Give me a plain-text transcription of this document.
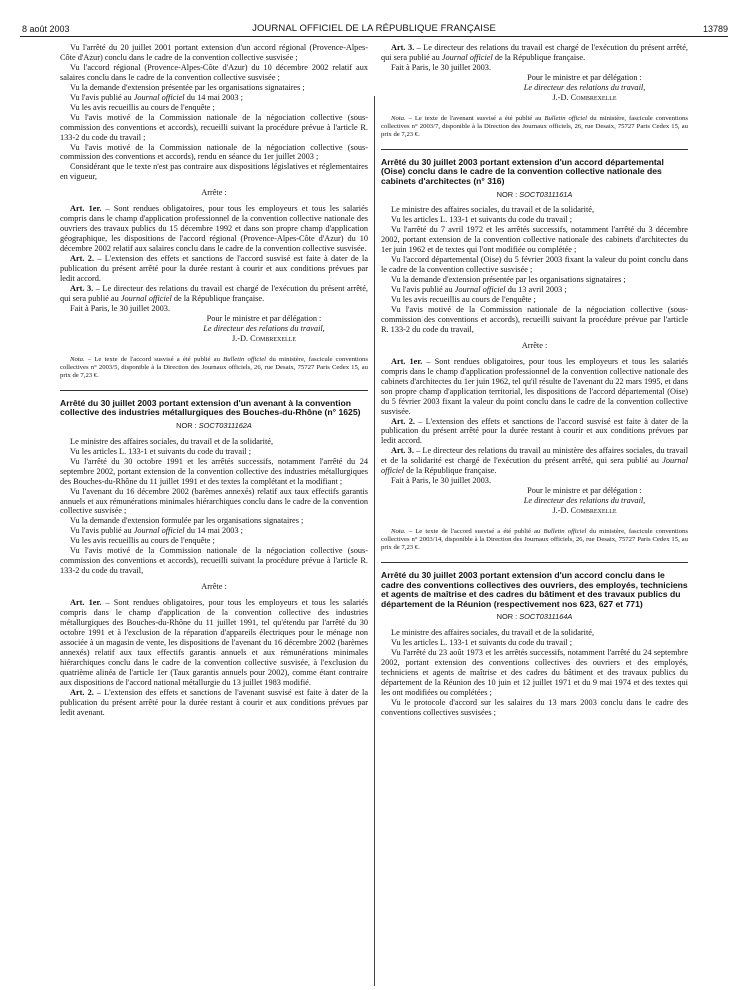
8 août 2003	JOURNAL OFFICIEL DE LA RÉPUBLIQUE FRANÇAISE	13789

Vu l'arrêté du 20 juillet 2001 portant extension d'un accord régional (Provence-Alpes-Côte d'Azur) conclu dans le cadre de la convention collective susvisée ;

Vu l'accord régional (Provence-Alpes-Côte d'Azur) du 10 décembre 2002 relatif aux salaires conclu dans le cadre de la convention collective susvisée ;

Vu la demande d'extension présentée par les organisations signataires ;

Vu l'avis publié au Journal officiel du 14 mai 2003 ;

Vu les avis recueillis au cours de l'enquête ;

Vu l'avis motivé de la Commission nationale de la négociation collective (sous-commission des conventions et accords), recueilli suivant la procédure prévue à l'article R. 133-2 du code du travail ;

Vu l'avis motivé de la Commission nationale de la négociation collective (sous-commission des conventions et accords), rendu en séance du 1er juillet 2003 ;

Considérant que le texte n'est pas contraire aux dispositions législatives et réglementaires en vigueur,

Arrête :

Art. 1er. – Sont rendues obligatoires, pour tous les employeurs et tous les salariés compris dans le champ d'application professionnel de la convention collective nationale des ouvriers des travaux publics du 15 décembre 1992 et dans son propre champ d'application géographique, les dispositions de l'accord régional (Provence-Alpes-Côte d'Azur) du 10 décembre 2002 relatif aux salaires conclu dans le cadre de la convention collective susvisée.

Art. 2. – L'extension des effets et sanctions de l'accord susvisé est faite à dater de la publication du présent arrêté pour la durée restant à courir et aux conditions prévues par ledit accord.

Art. 3. – Le directeur des relations du travail est chargé de l'exécution du présent arrêté, qui sera publié au Journal officiel de la République française.

Fait à Paris, le 30 juillet 2003.

Pour le ministre et par délégation :

Le directeur des relations du travail,

J.-D. Combrexelle

Nota. – Le texte de l'accord susvisé a été publié au Bulletin officiel du ministère, fascicule conventions collectives n° 2003/5, disponible à la Direction des Journaux officiels, 26, rue Desaix, 75727 Paris Cedex 15, au prix de 7,23 €.

Arrêté du 30 juillet 2003 portant extension d'un avenant à la convention collective des industries métallurgiques des Bouches-du-Rhône (n° 1625)

NOR : SOCT0311162A

Le ministre des affaires sociales, du travail et de la solidarité,

Vu les articles L. 133-1 et suivants du code du travail ;

Vu l'arrêté du 30 octobre 1991 et les arrêtés successifs, notamment l'arrêté du 24 septembre 2002, portant extension de la convention collective des industries métallurgiques des Bouches-du-Rhône du 11 juillet 1991 et des textes la complétant et la modifiant ;

Vu l'avenant du 16 décembre 2002 (barèmes annexés) relatif aux taux effectifs garantis annuels et aux rémunérations minimales hiérarchiques conclu dans le cadre de la convention collective susvisée ;

Vu la demande d'extension formulée par les organisations signataires ;

Vu l'avis publié au Journal officiel du 14 mai 2003 ;

Vu les avis recueillis au cours de l'enquête ;

Vu l'avis motivé de la Commission nationale de la négociation collective (sous-commission des conventions et accords), recueilli suivant la procédure prévue à l'article R. 133-2 du code du travail,

Arrête :

Art. 1er. – Sont rendues obligatoires, pour tous les employeurs et tous les salariés compris dans le champ d'application de la convention collective des industries métallurgiques des Bouches-du-Rhône du 11 juillet 1991, tel qu'étendu par l'arrêté du 30 octobre 1991 et à l'exclusion de la réparation d'appareils électriques pour le ménage non associée à un magasin de vente, les dispositions de l'avenant du 16 décembre 2002 (barèmes annexés) relatif aux taux effectifs garantis annuels et aux rémunérations minimales hiérarchiques conclu dans le cadre de la convention collective susvisée, à l'exclusion du quatrième alinéa de l'article 1er (Taux garantis annuels pour 2002), comme étant contraire aux dispositions de l'accord national métallurgie du 13 juillet 1983 modifié.

Art. 2. – L'extension des effets et sanctions de l'avenant susvisé est faite à dater de la publication du présent arrêté pour la durée restant à courir et aux conditions prévues par ledit avenant.

Art. 3. – Le directeur des relations du travail est chargé de l'exécution du présent arrêté, qui sera publié au Journal officiel de la République française.

Fait à Paris, le 30 juillet 2003.

Pour le ministre et par délégation :

Le directeur des relations du travail,

J.-D. Combrexelle

Nota. – Le texte de l'avenant susvisé a été publié au Bulletin officiel du ministère, fascicule conventions collectives n° 2003/7, disponible à la Direction des Journaux officiels, 26, rue Desaix, 75727 Paris Cedex 15, au prix de 7,23 €.

Arrêté du 30 juillet 2003 portant extension d'un accord départemental (Oise) conclu dans le cadre de la convention collective nationale des cabinets d'architectes (n° 316)

NOR : SOCT0311161A

Le ministre des affaires sociales, du travail et de la solidarité,

Vu les articles L. 133-1 et suivants du code du travail ;

Vu l'arrêté du 7 avril 1972 et les arrêtés successifs, notamment l'arrêté du 3 décembre 2002, portant extension de la convention collective nationale des cabinets d'architectes du 1er juin 1962 et de textes qui l'ont modifiée ou complétée ;

Vu l'accord départemental (Oise) du 5 février 2003 fixant la valeur du point conclu dans le cadre de la convention collective susvisée ;

Vu la demande d'extension présentée par les organisations signataires ;

Vu l'avis publié au Journal officiel du 13 avril 2003 ;

Vu les avis recueillis au cours de l'enquête ;

Vu l'avis motivé de la Commission nationale de la négociation collective (sous-commission des conventions et accords), recueilli suivant la procédure prévue par l'article R. 133-2 du code du travail,

Arrête :

Art. 1er. – Sont rendues obligatoires, pour tous les employeurs et tous les salariés compris dans le champ d'application professionnel de la convention collective nationale des cabinets d'architectes du 1er juin 1962, tel qu'il résulte de l'avenant du 22 mars 1995, et dans son propre champ d'application territorial, les dispositions de l'accord départemental (Oise) du 5 février 2003 fixant la valeur du point conclu dans le cadre de la convention collective susvisée.

Art. 2. – L'extension des effets et sanctions de l'accord susvisé est faite à dater de la publication du présent arrêté pour la durée restant à courir et aux conditions prévues par ledit accord.

Art. 3. – Le directeur des relations du travail au ministère des affaires sociales, du travail et de la solidarité est chargé de l'exécution du présent arrêté, qui sera publié au Journal officiel de la République française.

Fait à Paris, le 30 juillet 2003.

Pour le ministre et par délégation :

Le directeur des relations du travail,

J.-D. Combrexelle

Nota. – Le texte de l'accord susvisé a été publié au Bulletin officiel du ministère, fascicule conventions collectives n° 2003/14, disponible à la Direction des Journaux officiels, 26, rue Desaix, 75727 Paris Cedex 15, au prix de 7,23 €.

Arrêté du 30 juillet 2003 portant extension d'un accord conclu dans le cadre des conventions collectives des ouvriers, des employés, techniciens et agents de maîtrise et des cadres du bâtiment et des travaux publics du département de la Réunion (respectivement nos 623, 627 et 771)

NOR : SOCT0311164A

Le ministre des affaires sociales, du travail et de la solidarité,

Vu les articles L. 133-1 et suivants du code du travail ;

Vu l'arrêté du 23 août 1973 et les arrêtés successifs, notamment l'arrêté du 24 septembre 2002, portant extension des conventions collectives des ouvriers et des employés, techniciens et agents de maîtrise et des cadres du bâtiment et des travaux publics du département de la Réunion des 10 juin et 12 juillet 1971 et du 9 mai 1974 et des textes qui les ont modifiées ou complétées ;

Vu le protocole d'accord sur les salaires du 13 mars 2003 conclu dans le cadre des conventions collectives susvisées ;
